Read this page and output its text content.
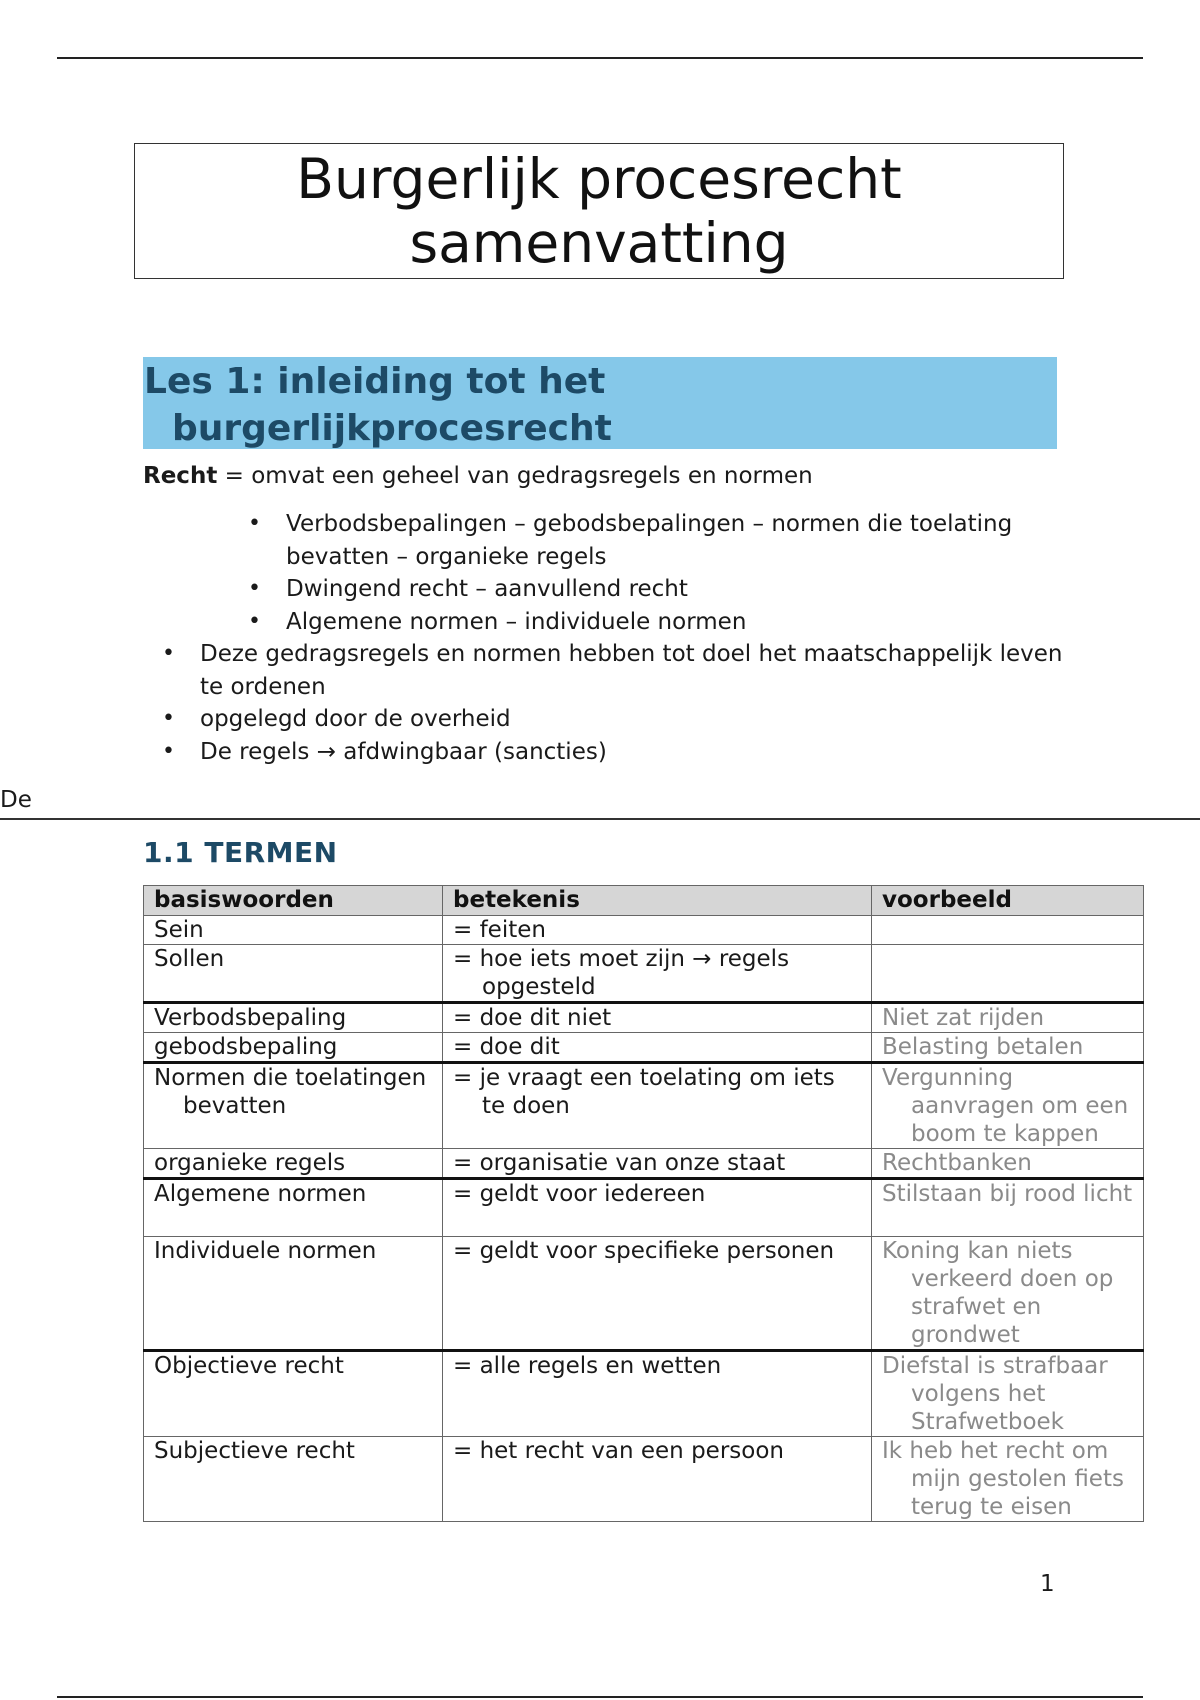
Burgerlijk procesrecht
samenvatting
Les 1: inleiding tot het
burgerlijkprocesrecht
Recht = omvat een geheel van gedragsregels en normen
• Verbodsbepalingen – gebodsbepalingen – normen die toelating bevatten – organieke regels
• Dwingend recht – aanvullend recht
• Algemene normen – individuele normen
• Deze gedragsregels en normen hebben tot doel het maatschappelijk leven te ordenen
• opgelegd door de overheid
• De regels → afdwingbaar (sancties)
De
1.1 TERMEN
basiswoorden	betekenis	voorbeeld

Sein	= feiten	

Sollen	= hoe iets moet zijn → regels opgesteld	

Verbodsbepaling	= doe dit niet	Niet zat rijden

gebodsbepaling	= doe dit	Belasting betalen

Normen die toelatingen bevatten	= je vraagt een toelating om iets te doen	Vergunning aanvragen om een boom te kappen

organieke regels	= organisatie van onze staat	Rechtbanken

Algemene normen	= geldt voor iedereen	Stilstaan bij rood licht

Individuele normen	= geldt voor specifieke personen	Koning kan niets verkeerd doen op strafwet en grondwet

Objectieve recht	= alle regels en wetten	Diefstal is strafbaar volgens het Strafwetboek

Subjectieve recht	= het recht van een persoon	Ik heb het recht om mijn gestolen fiets terug te eisen
1
